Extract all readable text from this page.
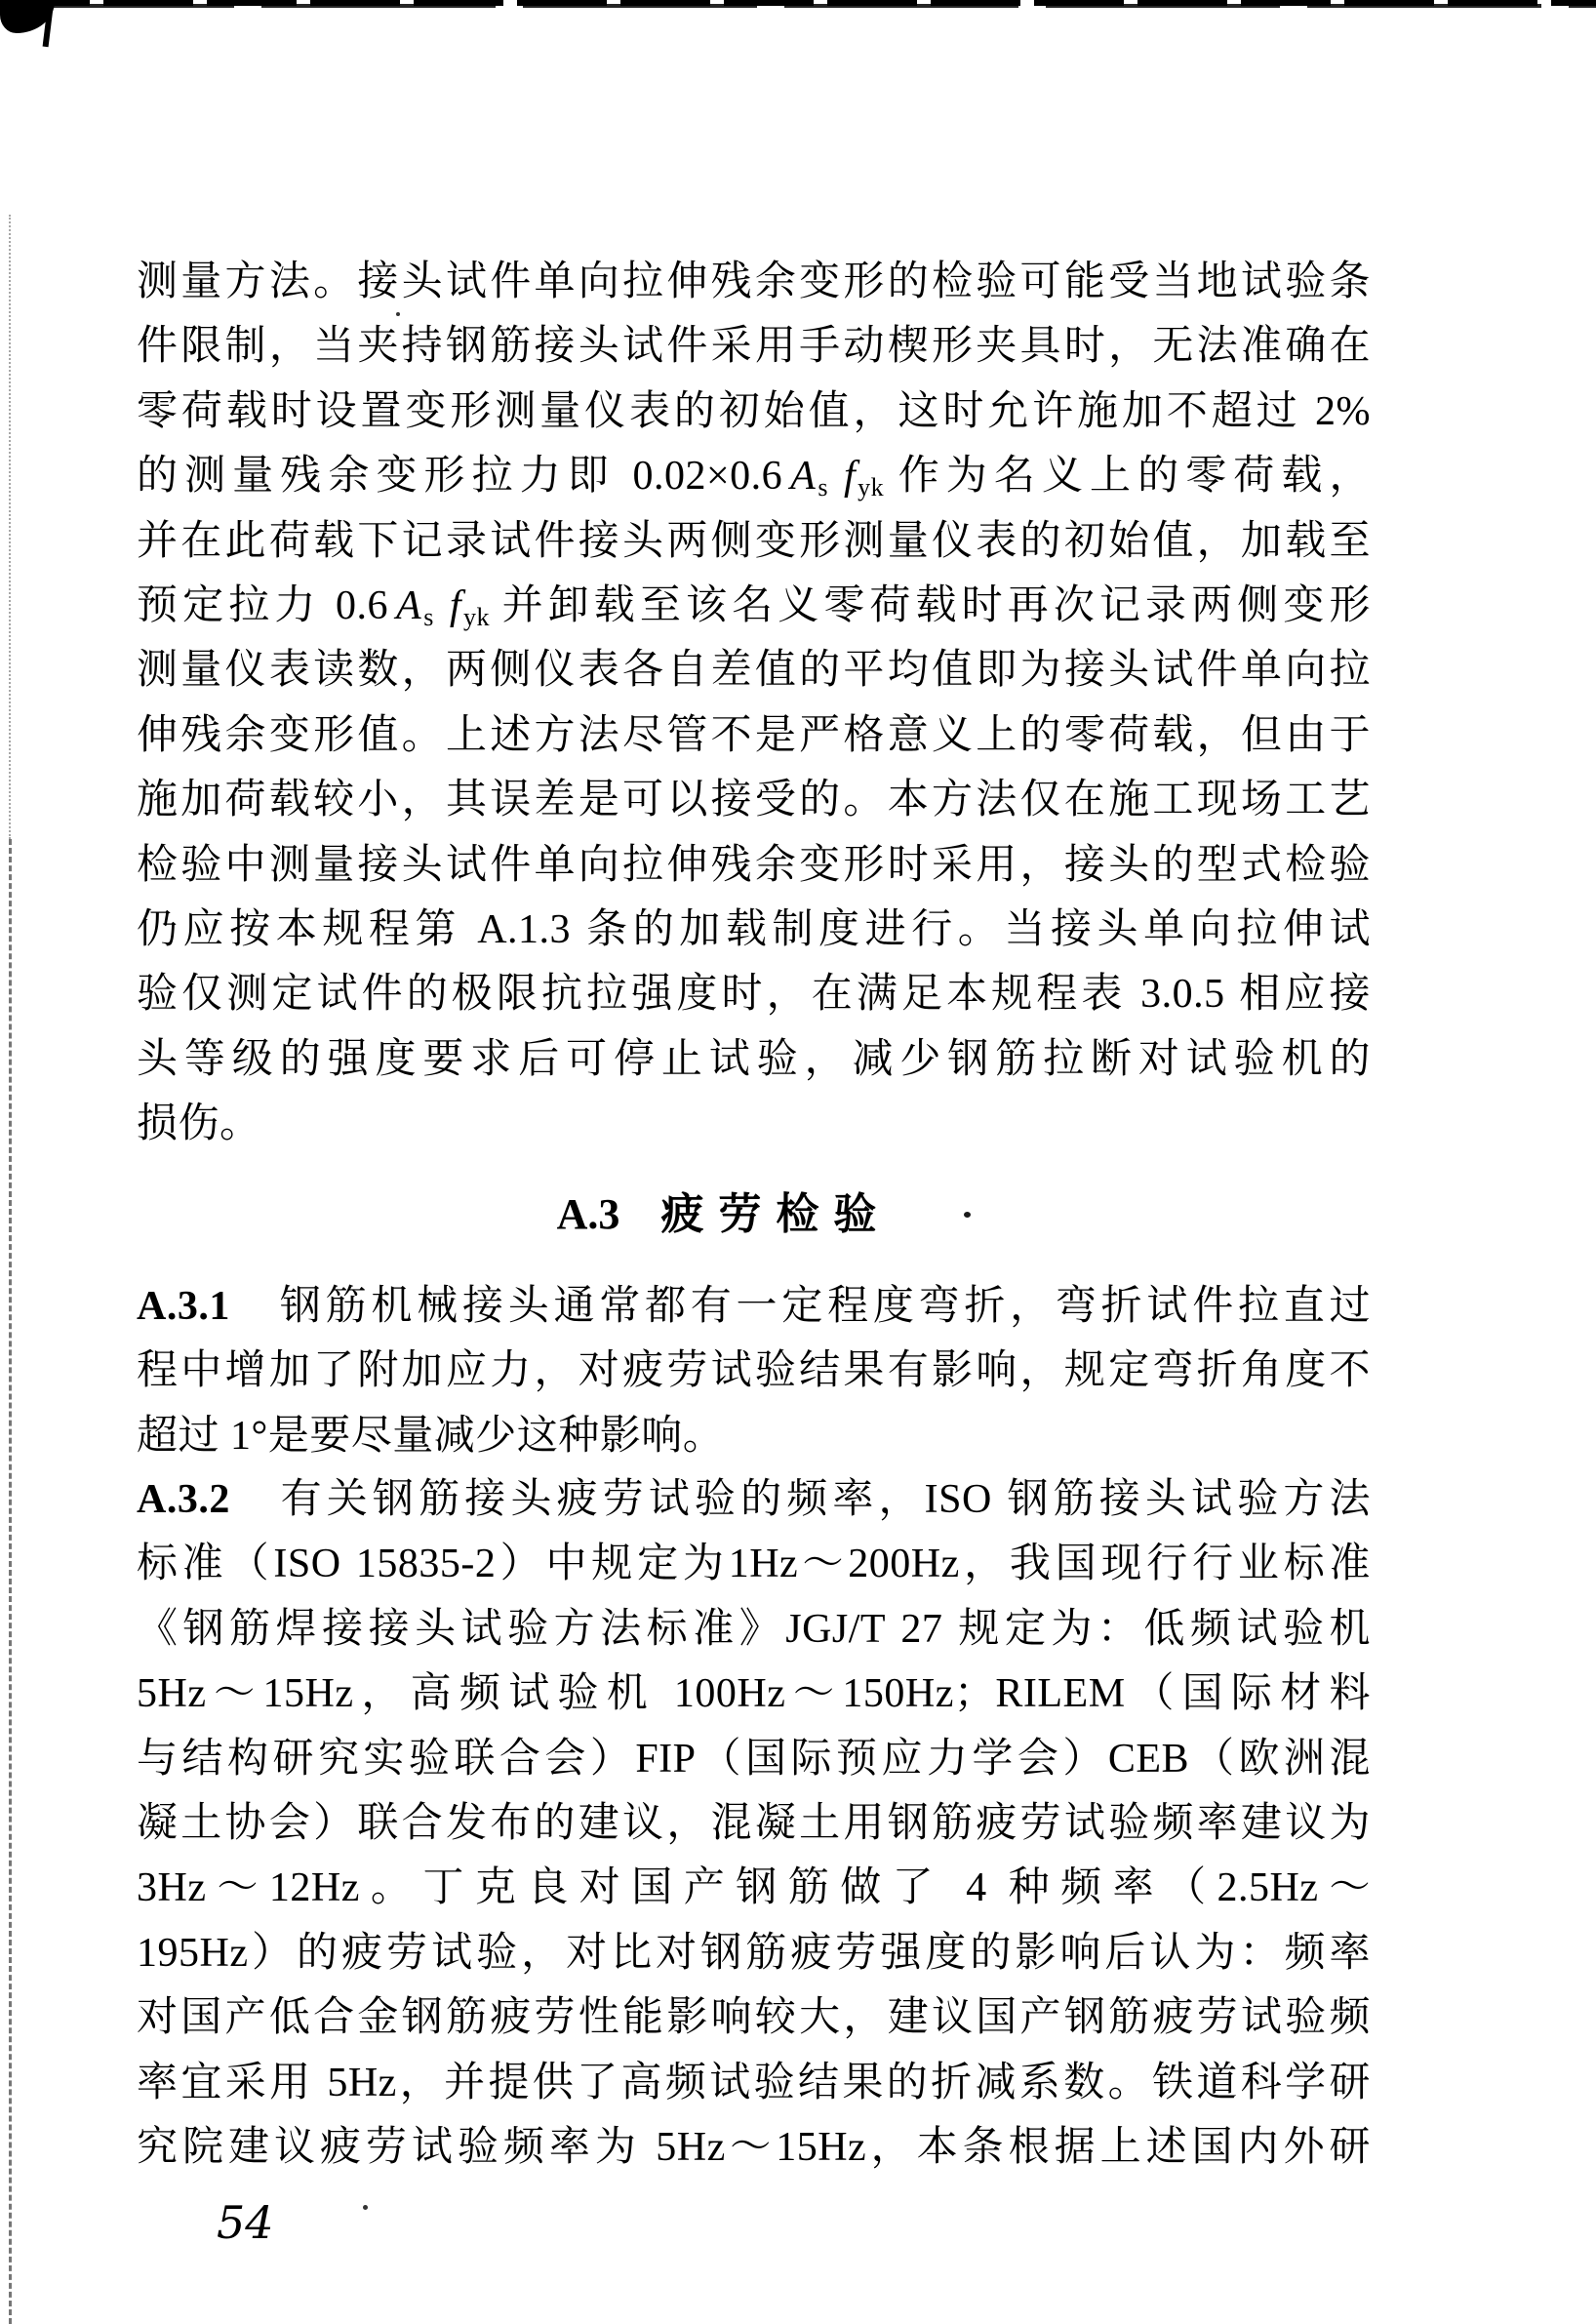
测量方法。接头试件单向拉伸残余变形的检验可能受当地试验条
件限制，当夹持钢筋接头试件采用手动楔形夹具时，无法准确在
零荷载时设置变形测量仪表的初始值，这时允许施加不超过 2%
的测量残余变形拉力即 0.02×0.6 $A_s$ $f_{yk}$ 作为名义上的零荷载，
并在此荷载下记录试件接头两侧变形测量仪表的初始值，加载至
预定拉力 0.6 $A_s$ $f_{yk}$ 并卸载至该名义零荷载时再次记录两侧变形
测量仪表读数，两侧仪表各自差值的平均值即为接头试件单向拉
伸残余变形值。上述方法尽管不是严格意义上的零荷载，但由于
施加荷载较小，其误差是可以接受的。本方法仅在施工现场工艺
检验中测量接头试件单向拉伸残余变形时采用，接头的型式检验
仍应按本规程第 A.1.3 条的加载制度进行。当接头单向拉伸试
验仅测定试件的极限抗拉强度时，在满足本规程表 3.0.5 相应接
头等级的强度要求后可停止试验，减少钢筋拉断对试验机的
损伤。
A.3 疲 劳 检 验
A.3.1　钢筋机械接头通常都有一定程度弯折，弯折试件拉直过
程中增加了附加应力，对疲劳试验结果有影响，规定弯折角度不
超过 1°是要尽量减少这种影响。
A.3.2　有关钢筋接头疲劳试验的频率，ISO 钢筋接头试验方法
标准（ISO 15835-2）中规定为1Hz～200Hz，我国现行行业标准
《钢筋焊接接头试验方法标准》JGJ/T 27 规定为：低频试验机
5Hz～15Hz，高频试验机 100Hz～150Hz；RILEM（国际材料
与结构研究实验联合会）FIP（国际预应力学会）CEB（欧洲混
凝土协会）联合发布的建议，混凝土用钢筋疲劳试验频率建议为
3Hz～12Hz。丁克良对国产钢筋做了 4 种频率（2.5Hz～
195Hz）的疲劳试验，对比对钢筋疲劳强度的影响后认为：频率
对国产低合金钢筋疲劳性能影响较大，建议国产钢筋疲劳试验频
率宜采用 5Hz，并提供了高频试验结果的折减系数。铁道科学研
究院建议疲劳试验频率为 5Hz～15Hz，本条根据上述国内外研
54
